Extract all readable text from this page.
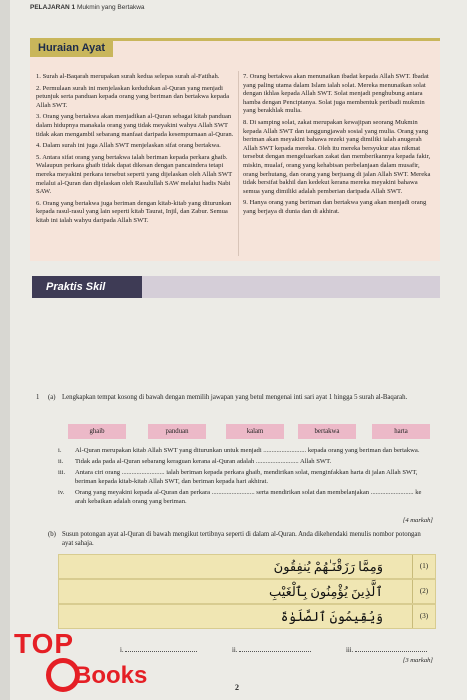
PELAJARAN 1 Mukmin yang Bertakwa
Huraian Ayat
1. Surah al-Baqarah merupakan surah kedua selepas surah al-Fatihah.
2. Permulaan surah ini menjelaskan kedudukan al-Quran yang menjadi petunjuk serta panduan kepada orang yang beriman dan bertakwa kepada Allah SWT.
3. Orang yang bertakwa akan menjadikan al-Quran sebagai kitab panduan dalam hidupnya manakala orang yang tidak meyakini wahyu Allah SWT tidak akan mengambil sebarang manfaat daripada kesempurnaan al-Quran.
4. Dalam surah ini juga Allah SWT menjelaskan sifat orang bertakwa.
5. Antara sifat orang yang bertakwa ialah beriman kepada perkara ghaib. Walaupun perkara ghaib tidak dapat dikesan dengan pancaindera tetapi mereka meyakini perkara tersebut seperti yang dijelaskan oleh Allah SWT melalui al-Quran dan dijelaskan oleh Rasulullah SAW melalui hadis Nabi SAW.
6. Orang yang bertakwa juga beriman dengan kitab-kitab yang diturunkan kepada rasul-rasul yang lain seperti kitab Taurat, Injil, dan Zabur. Semua kitab ini ialah wahyu daripada Allah SWT.
7. Orang bertakwa akan menunaikan ibadat kepada Allah SWT. Ibadat yang paling utama dalam Islam ialah solat. Mereka menunaikan solat dengan ikhlas kepada Allah SWT. Solat menjadi penghubung antara hamba dengan Penciptanya. Solat juga membentuk peribadi mukmin yang berakhlak mulia.
8. Di samping solat, zakat merupakan kewajipan seorang Mukmin kepada Allah SWT dan tanggungjawab sosial yang mulia. Orang yang beriman akan meyakini bahawa rezeki yang dimiliki ialah anugerah Allah SWT kepada mereka. Oleh itu mereka bersyukur atas nikmat tersebut dengan mengeluarkan zakat dan memberikannya kepada fakir, miskin, mualaf, orang yang kehabisan perbelanjaan dalam musafir, orang berhutang, dan orang yang berjuang di jalan Allah SWT. Mereka tidak bersifat bakhil dan kedekut kerana mereka meyakini bahawa semua yang dimiliki adalah pemberian daripada Allah SWT.
9. Hanya orang yang beriman dan bertakwa yang akan menjadi orang yang berjaya di dunia dan di akhirat.
Praktis Skil
1 (a) Lengkapkan tempat kosong di bawah dengan memilih jawapan yang betul mengenai inti sari ayat 1 hingga 5 surah al-Baqarah.
ghaib	panduan	kalam	bertakwa	harta
i. Al-Quran merupakan kitab Allah SWT yang diturunkan untuk menjadi .......................... kepada orang yang beriman dan bertakwa.
ii. Tidak ada pada al-Quran sebarang keraguan kerana al-Quran adalah .......................... Allah SWT.
iii. Antara ciri orang .......................... ialah beriman kepada perkara ghaib, mendirikan solat, menginfakkan harta di jalan Allah SWT, beriman kepada kitab-kitab Allah SWT, dan beriman kepada hari akhirat.
iv. Orang yang meyakini kepada al-Quran dan perkara .......................... serta mendirikan solat dan membelanjakan .......................... ke arah kebaikan adalah orang yang beriman.
[4 markah]
(b) Susun potongan ayat al-Quran di bawah mengikut tertibnya seperti di dalam al-Quran. Anda dikehendaki menulis nombor potongan ayat sahaja.
وَمِمَّا رَزَقْنَـٰهُمْ يُنفِقُونَ	(1)
ٱلَّذِينَ يُؤْمِنُونَ بِٱلْغَيْبِ	(2)
وَيُقِيمُونَ ٱلصَّلَوٰةَ	(3)
i.	ii.	iii.
[3 markah]
TOP
Books	2
